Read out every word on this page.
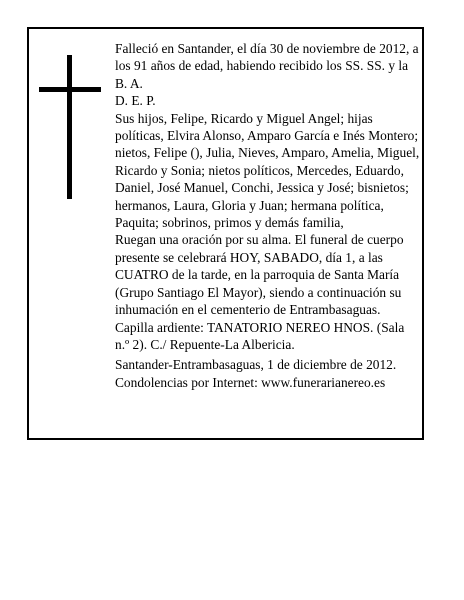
Falleció en Santander, el día 30 de noviembre de 2012, a los 91 años de edad, habiendo recibido los SS. SS. y la B. A.

D. E. P.

Sus hijos, Felipe, Ricardo y Miguel Angel; hijas políticas, Elvira Alonso, Amparo García e Inés Montero; nietos, Felipe (), Julia, Nieves, Amparo, Amelia, Miguel, Ricardo y Sonia; nietos políticos, Mercedes, Eduardo, Daniel, José Manuel, Conchi, Jessica y José; bisnietos; hermanos, Laura, Gloria y Juan; hermana política, Paquita; sobrinos, primos y demás familia,

Ruegan una oración por su alma. El funeral de cuerpo presente se celebrará HOY, SABADO, día 1, a las CUATRO de la tarde, en la parroquia de Santa María (Grupo Santiago El Mayor), siendo a continuación su inhumación en el cementerio de Entrambasaguas.

Capilla ardiente: TANATORIO NEREO HNOS. (Sala n.º 2). C./ Repuente-La Albericia.

Santander-Entrambasaguas, 1 de diciembre de 2012.

Condolencias por Internet: www.funerarianereo.es
